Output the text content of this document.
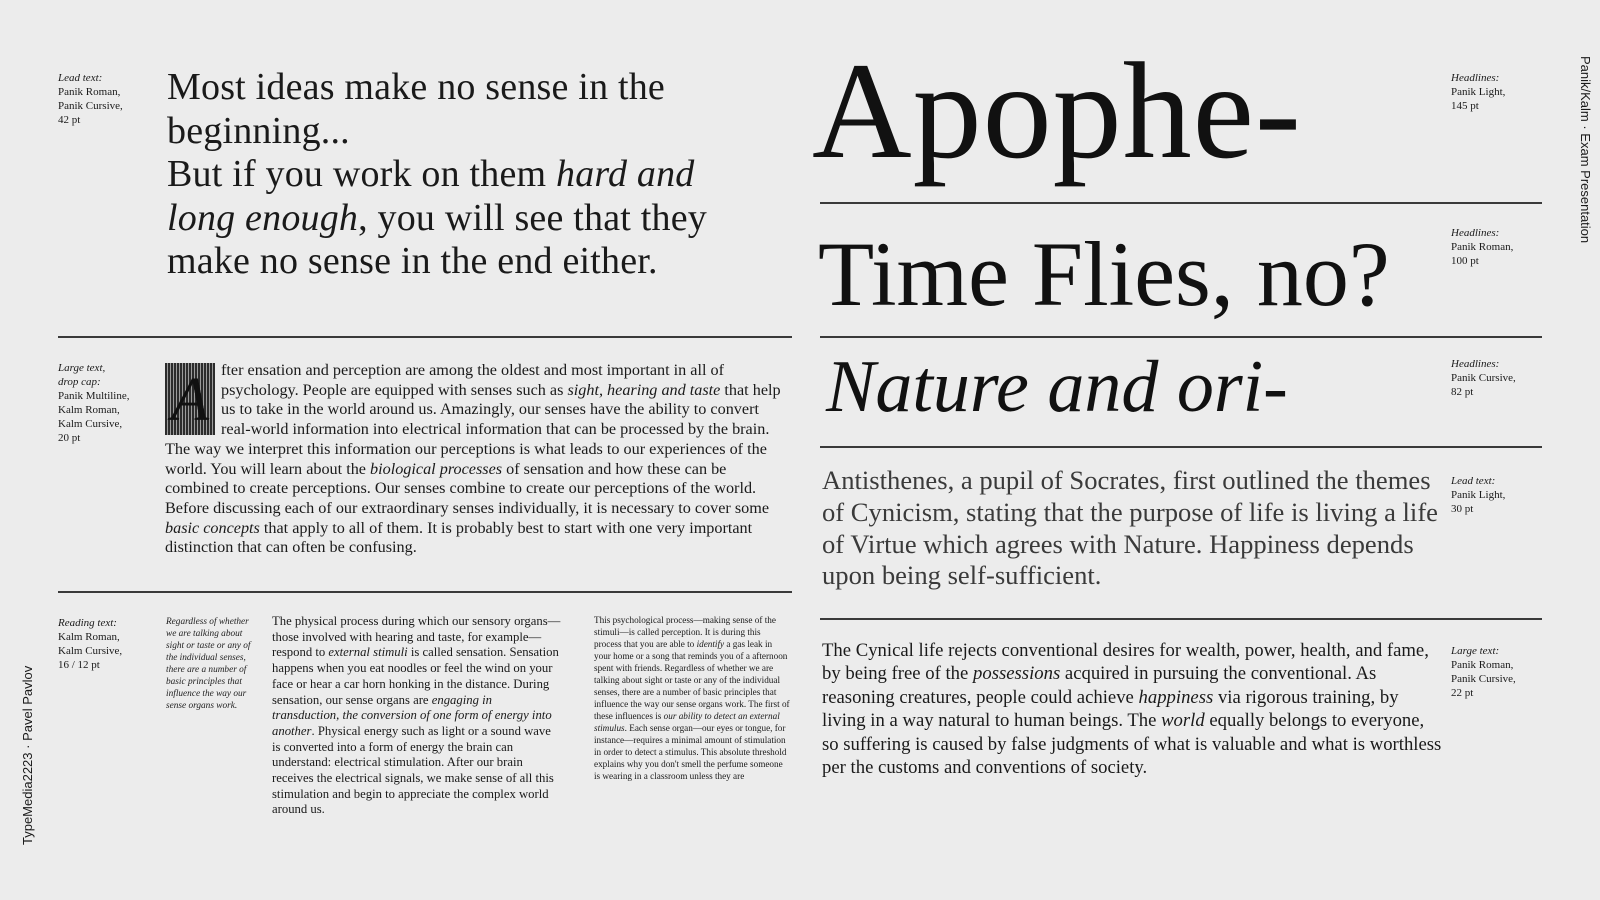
Panik/Kalm · Exam Presentation
TypeMedia2223 · Pavel Pavlov
Lead text:
Panik Roman,
Panik Cursive,
42 pt
Most ideas make no sense in the beginning...
But if you work on them hard and long enough, you will see that they make no sense in the end either.
Large text,
drop cap:
Panik Multiline,
Kalm Roman,
Kalm Cursive,
20 pt
A fter ensation and perception are among the oldest and most important in all of psychology. People are equipped with senses such as sight, hearing and taste that help us to take in the world around us. Amazingly, our senses have the ability to convert real-world information into electrical information that can be processed by the brain. The way we interpret this information our perceptions is what leads to our experiences of the world. You will learn about the biological processes of sensation and how these can be combined to create perceptions. Our senses combine to create our perceptions of the world. Before discussing each of our extraordinary senses individually, it is necessary to cover some basic concepts that apply to all of them. It is probably best to start with one very important distinction that can often be confusing.
Reading text:
Kalm Roman,
Kalm Cursive,
16 / 12 pt
Regardless of whether we are talking about sight or taste or any of the individual senses, there are a number of basic principles that influence the way our sense organs work.
The physical process during which our sensory organs—those involved with hearing and taste, for example—respond to external stimuli is called sensation. Sensation happens when you eat noodles or feel the wind on your face or hear a car horn honking in the distance. During sensation, our sense organs are engaging in transduction, the conversion of one form of energy into another. Physical energy such as light or a sound wave is converted into a form of energy the brain can understand: electrical stimulation. After our brain receives the electrical signals, we make sense of all this stimulation and begin to appreciate the complex world around us.
This psychological process—making sense of the stimuli—is called perception. It is during this process that you are able to identify a gas leak in your home or a song that reminds you of a afternoon spent with friends. Regardless of whether we are talking about sight or taste or any of the individual senses, there are a number of basic principles that influence the way our sense organs work. The first of these influences is our ability to detect an external stimulus. Each sense organ—our eyes or tongue, for instance—requires a minimal amount of stimulation in order to detect a stimulus. This absolute threshold explains why you don't smell the perfume someone is wearing in a classroom unless they are
Apophe-	Headlines:
Panik Light,
145 pt
Time Flies, no?	Headlines:
Panik Roman,
100 pt
Nature and ori-	Headlines:
Panik Cursive,
82 pt
Antisthenes, a pupil of Socrates, first outlined the themes of Cynicism, stating that the purpose of life is living a life of Virtue which agrees with Nature. Happiness depends upon being self-sufficient.
Lead text:
Panik Light,
30 pt
The Cynical life rejects conventional desires for wealth, power, health, and fame, by being free of the possessions acquired in pursuing the conventional. As reasoning creatures, people could achieve happiness via rigorous training, by living in a way natural to human beings. The world equally belongs to everyone, so suffering is caused by false judgments of what is valuable and what is worthless per the customs and conventions of society.
Large text:
Panik Roman,
Panik Cursive,
22 pt
